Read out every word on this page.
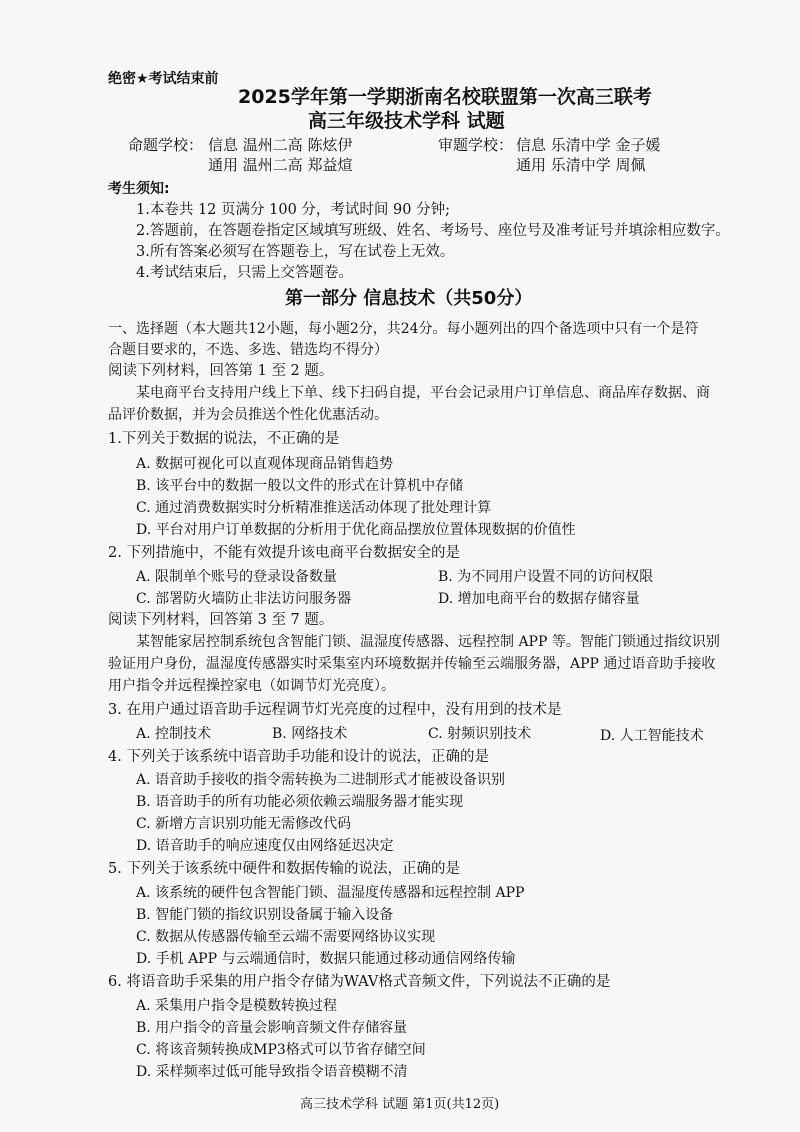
绝密★考试结束前
2025学年第一学期浙南名校联盟第一次高三联考
高三年级技术学科 试题
命题学校： 信息 温州二高 陈炫伊
通用 温州二高 郑益煊
审题学校： 信息 乐清中学 金子媛
通用 乐清中学 周佩
考生须知:
1.本卷共 12 页满分 100 分，考试时间 90 分钟;
2.答题前，在答题卷指定区域填写班级、姓名、考场号、座位号及准考证号并填涂相应数字。
3.所有答案必须写在答题卷上，写在试卷上无效。
4.考试结束后，只需上交答题卷。
第一部分 信息技术（共50分）
一、选择题（本大题共12小题，每小题2分，共24分。每小题列出的四个备选项中只有一个是符
合题目要求的，不选、多选、错选均不得分）
阅读下列材料，回答第 1 至 2 题。
某电商平台支持用户线上下单、线下扫码自提，平台会记录用户订单信息、商品库存数据、商
品评价数据，并为会员推送个性化优惠活动。
1.下列关于数据的说法，不正确的是
A. 数据可视化可以直观体现商品销售趋势
B. 该平台中的数据一般以文件的形式在计算机中存储
C. 通过消费数据实时分析精准推送活动体现了批处理计算
D. 平台对用户订单数据的分析用于优化商品摆放位置体现数据的价值性
2. 下列措施中，不能有效提升该电商平台数据安全的是
A. 限制单个账号的登录设备数量	B. 为不同用户设置不同的访问权限
C. 部署防火墙防止非法访问服务器	D. 增加电商平台的数据存储容量
阅读下列材料，回答第 3 至 7 题。
某智能家居控制系统包含智能门锁、温湿度传感器、远程控制 APP 等。智能门锁通过指纹识别
验证用户身份，温湿度传感器实时采集室内环境数据并传输至云端服务器，APP 通过语音助手接收
用户指令并远程操控家电（如调节灯光亮度）。
3. 在用户通过语音助手远程调节灯光亮度的过程中，没有用到的技术是
A. 控制技术	B. 网络技术	C. 射频识别技术	D. 人工智能技术
4. 下列关于该系统中语音助手功能和设计的说法，正确的是
A. 语音助手接收的指令需转换为二进制形式才能被设备识别
B. 语音助手的所有功能必须依赖云端服务器才能实现
C. 新增方言识别功能无需修改代码
D. 语音助手的响应速度仅由网络延迟决定
5. 下列关于该系统中硬件和数据传输的说法，正确的是
A. 该系统的硬件包含智能门锁、温湿度传感器和远程控制 APP
B. 智能门锁的指纹识别设备属于输入设备
C. 数据从传感器传输至云端不需要网络协议实现
D. 手机 APP 与云端通信时，数据只能通过移动通信网络传输
6. 将语音助手采集的用户指令存储为WAV格式音频文件，下列说法不正确的是
A. 采集用户指令是模数转换过程
B. 用户指令的音量会影响音频文件存储容量
C. 将该音频转换成MP3格式可以节省存储空间
D. 采样频率过低可能导致指令语音模糊不清
高三技术学科 试题 第1页(共12页)
